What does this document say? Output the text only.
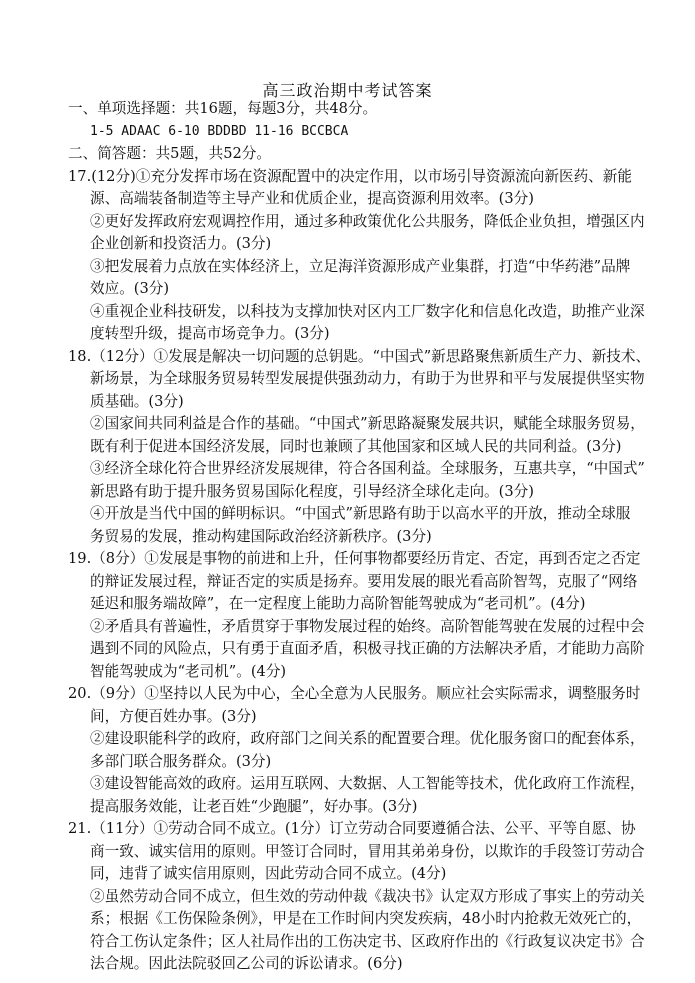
高三政治期中考试答案
一、单项选择题：共16题，每题3分，共48分。
1-5 ADAAC 6-10 BDDBD 11-16 BCCBCA
二、简答题：共5题，共52分。
17.(12分)①充分发挥市场在资源配置中的决定作用，以市场引导资源流向新医药、新能
源、高端装备制造等主导产业和优质企业，提高资源利用效率。(3分)
②更好发挥政府宏观调控作用，通过多种政策优化公共服务，降低企业负担，增强区内
企业创新和投资活力。(3分)
③把发展着力点放在实体经济上，立足海洋资源形成产业集群，打造“中华药港”品牌
效应。(3分)
④重视企业科技研发，以科技为支撑加快对区内工厂数字化和信息化改造，助推产业深
度转型升级，提高市场竞争力。(3分)
18.（12分）①发展是解决一切问题的总钥匙。“中国式”新思路聚焦新质生产力、新技术、
新场景，为全球服务贸易转型发展提供强劲动力，有助于为世界和平与发展提供坚实物
质基础。(3分)
②国家间共同利益是合作的基础。“中国式”新思路凝聚发展共识，赋能全球服务贸易，
既有利于促进本国经济发展，同时也兼顾了其他国家和区域人民的共同利益。(3分)
③经济全球化符合世界经济发展规律，符合各国利益。全球服务，互惠共享，“中国式”
新思路有助于提升服务贸易国际化程度，引导经济全球化走向。(3分)
④开放是当代中国的鲜明标识。“中国式”新思路有助于以高水平的开放，推动全球服
务贸易的发展，推动构建国际政治经济新秩序。(3分)
19.（8分）①发展是事物的前进和上升，任何事物都要经历肯定、否定，再到否定之否定
的辩证发展过程，辩证否定的实质是扬弃。要用发展的眼光看高阶智驾，克服了“网络
延迟和服务端故障”，在一定程度上能助力高阶智能驾驶成为“老司机”。(4分)
②矛盾具有普遍性，矛盾贯穿于事物发展过程的始终。高阶智能驾驶在发展的过程中会
遇到不同的风险点，只有勇于直面矛盾，积极寻找正确的方法解决矛盾，才能助力高阶
智能驾驶成为“老司机”。(4分)
20.（9分）①坚持以人民为中心，全心全意为人民服务。顺应社会实际需求，调整服务时
间，方便百姓办事。(3分)
②建设职能科学的政府，政府部门之间关系的配置要合理。优化服务窗口的配套体系，
多部门联合服务群众。(3分)
③建设智能高效的政府。运用互联网、大数据、人工智能等技术，优化政府工作流程，
提高服务效能，让老百姓“少跑腿”，好办事。(3分)
21.（11分）①劳动合同不成立。(1分）订立劳动合同要遵循合法、公平、平等自愿、协
商一致、诚实信用的原则。甲签订合同时，冒用其弟弟身份，以欺诈的手段签订劳动合
同，违背了诚实信用原则，因此劳动合同不成立。(4分)
②虽然劳动合同不成立，但生效的劳动仲裁《裁决书》认定双方形成了事实上的劳动关
系；根据《工伤保险条例》，甲是在工作时间内突发疾病，48小时内抢救无效死亡的，
符合工伤认定条件；区人社局作出的工伤决定书、区政府作出的《行政复议决定书》合
法合规。因此法院驳回乙公司的诉讼请求。(6分)
